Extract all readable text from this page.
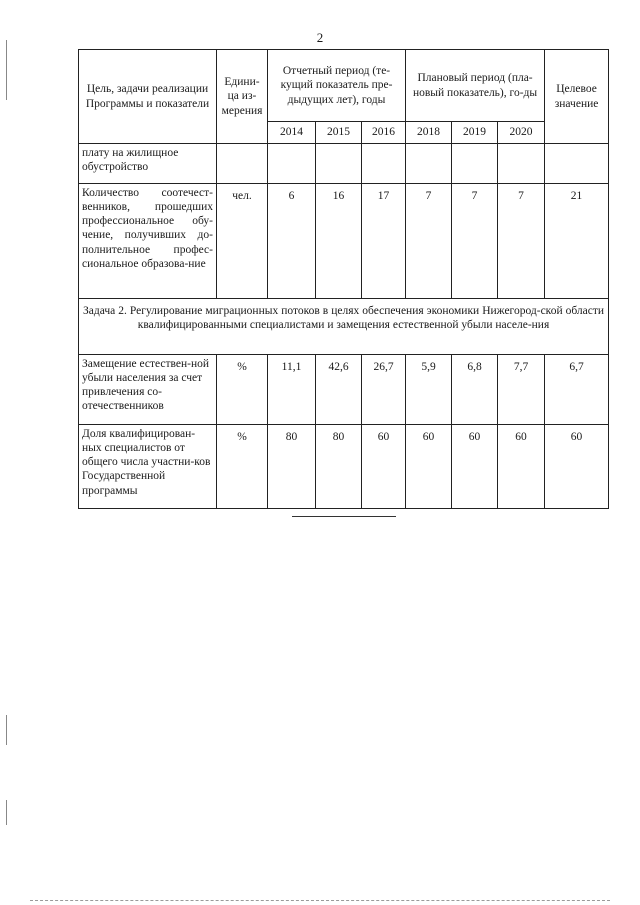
2
Цель, задачи реализации Программы и показатели	Едини-ца из-мерения	Отчетный период (те-кущий показатель пре-дыдущих лет), годы			Плановый период (пла-новый показатель), го-ды			Целевое значение
		2014	2015	2016	2018	2019	2020	
плату на жилищное обустройство								
Количество соотечест-венников, прошедших профессиональное обу-чение, получивших до-полнительное профес-сиональное образова-ние	чел.	6	16	17	7	7	7	21
Задача 2. Регулирование миграционных потоков в целях обеспечения экономики Нижегород-ской области квалифицированными специалистами и замещения естественной убыли населе-ния								
Замещение естествен-ной убыли населения за счет привлечения со-отечественников	%	11,1	42,6	26,7	5,9	6,8	7,7	6,7
Доля квалифицирован-ных специалистов от общего числа участни-ков Государственной программы	%	80	80	60	60	60	60	60
